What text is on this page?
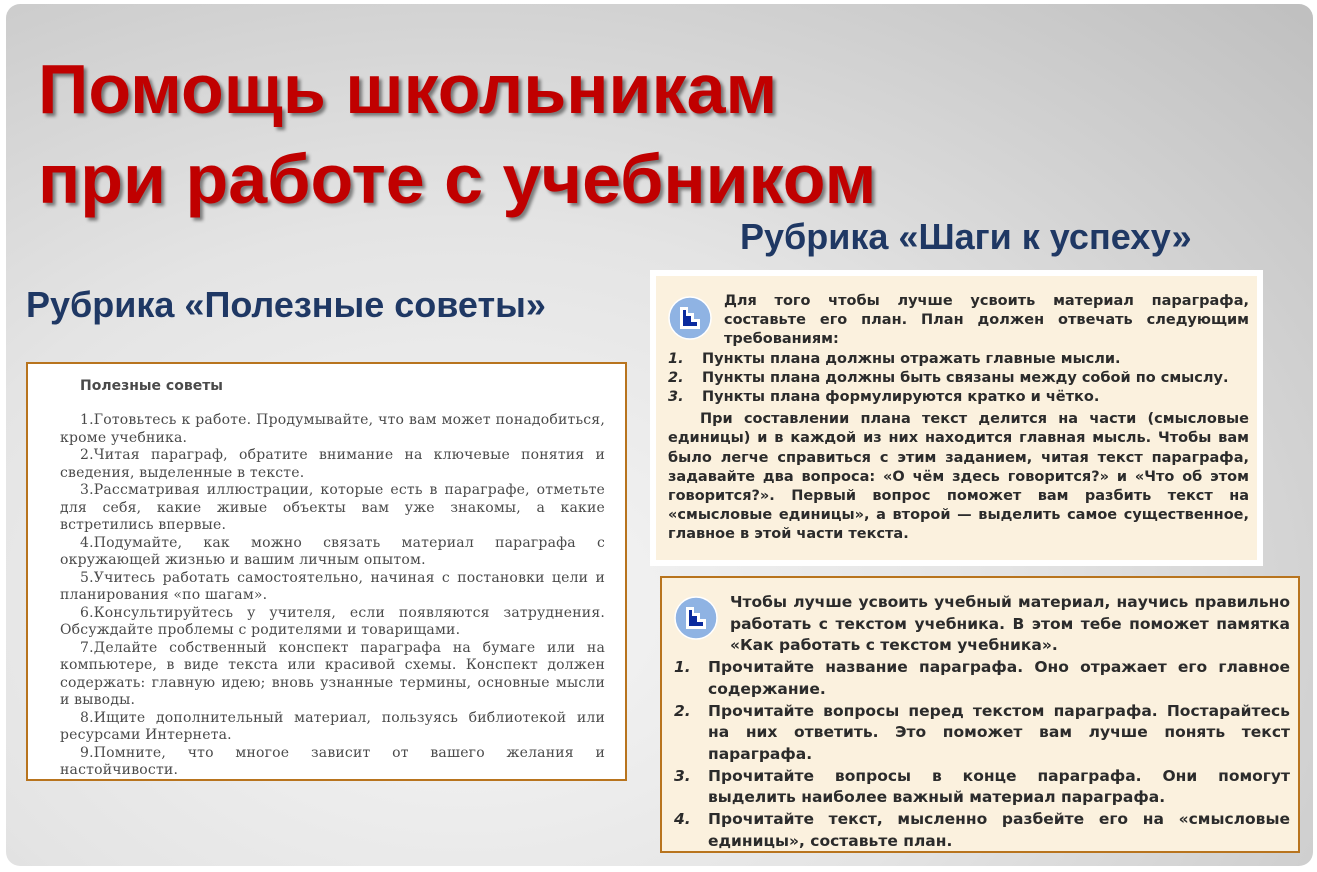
Помощь школьникам
при работе с учебником
Рубрика «Шаги к успеху»
Рубрика «Полезные советы»
Полезные советы

1.Готовьтесь к работе. Продумывайте, что вам может понадобиться, кроме учебника.

2.Читая параграф, обратите внимание на ключевые понятия и сведения, выделенные в тексте.

3.Рассматривая иллюстрации, которые есть в параграфе, отметьте для себя, какие живые объекты вам уже знакомы, а какие встретились впервые.

4.Подумайте, как можно связать материал параграфа с окружающей жизнью и вашим личным опытом.

5.Учитесь работать самостоятельно, начиная с постановки цели и планирования «по шагам».

6.Консультируйтесь у учителя, если появляются затруднения. Обсуждайте проблемы с родителями и товарищами.

7.Делайте собственный конспект параграфа на бумаге или на компьютере, в виде текста или красивой схемы. Конспект должен содержать: главную идею; вновь узнанные термины, основные мысли и выводы.

8.Ищите дополнительный материал, пользуясь библиотекой или ресурсами Интернета.

9.Помните, что многое зависит от вашего желания и настойчивости.

Для того чтобы лучше усвоить материал параграфа, составьте его план. План должен отвечать следующим требованиям:

1. Пункты плана должны отражать главные мысли.
2. Пункты плана должны быть связаны между собой по смыслу.
3. Пункты плана формулируются кратко и чётко.

При составлении плана текст делится на части (смысловые единицы) и в каждой из них находится главная мысль. Чтобы вам было легче справиться с этим заданием, читая текст параграфа, задавайте два вопроса: «О чём здесь говорится?» и «Что об этом говорится?». Первый вопрос поможет вам разбить текст на «смысловые единицы», а второй — выделить самое существенное, главное в этой части текста.

Чтобы лучше усвоить учебный материал, научись правильно работать с текстом учебника. В этом тебе поможет памятка «Как работать с текстом учебника».

1. Прочитайте название параграфа. Оно отражает его главное содержание.
2. Прочитайте вопросы перед текстом параграфа. Постарайтесь на них ответить. Это поможет вам лучше понять текст параграфа.
3. Прочитайте вопросы в конце параграфа. Они помогут выделить наиболее важный материал параграфа.
4. Прочитайте текст, мысленно разбейте его на «смысловые единицы», составьте план.
